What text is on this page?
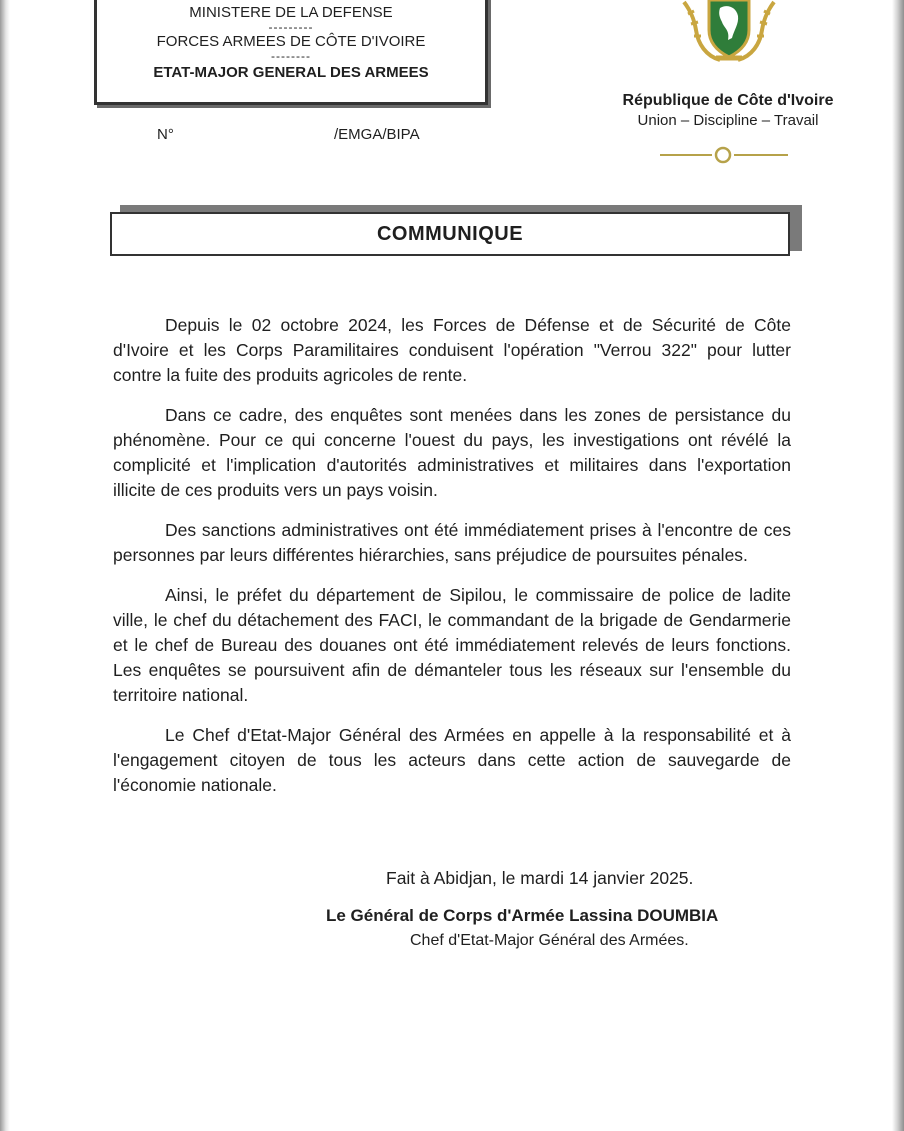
MINISTERE DE LA DEFENSE
---------
FORCES ARMEES DE CÔTE D'IVOIRE
--------
ETAT-MAJOR GENERAL DES ARMEES
N°	/EMGA/BIPA
République de Côte d'Ivoire
Union – Discipline – Travail
COMMUNIQUE

Depuis le 02 octobre 2024, les Forces de Défense et de Sécurité de Côte d'Ivoire et les Corps Paramilitaires conduisent l'opération "Verrou 322" pour lutter contre la fuite des produits agricoles de rente.

Dans ce cadre, des enquêtes sont menées dans les zones de persistance du phénomène. Pour ce qui concerne l'ouest du pays, les investigations ont révélé la complicité et l'implication d'autorités administratives et militaires dans l'exportation illicite de ces produits vers un pays voisin.

Des sanctions administratives ont été immédiatement prises à l'encontre de ces personnes par leurs différentes hiérarchies, sans préjudice de poursuites pénales.

Ainsi, le préfet du département de Sipilou, le commissaire de police de ladite ville, le chef du détachement des FACI, le commandant de la brigade de Gendarmerie et le chef de Bureau des douanes ont été immédiatement relevés de leurs fonctions. Les enquêtes se poursuivent afin de démanteler tous les réseaux sur l'ensemble du territoire national.

Le Chef d'Etat-Major Général des Armées en appelle à la responsabilité et à l'engagement citoyen de tous les acteurs dans cette action de sauvegarde de l'économie nationale.

Fait à Abidjan, le mardi 14 janvier 2025.
Le Général de Corps d'Armée Lassina DOUMBIA
Chef d'Etat-Major Général des Armées.
